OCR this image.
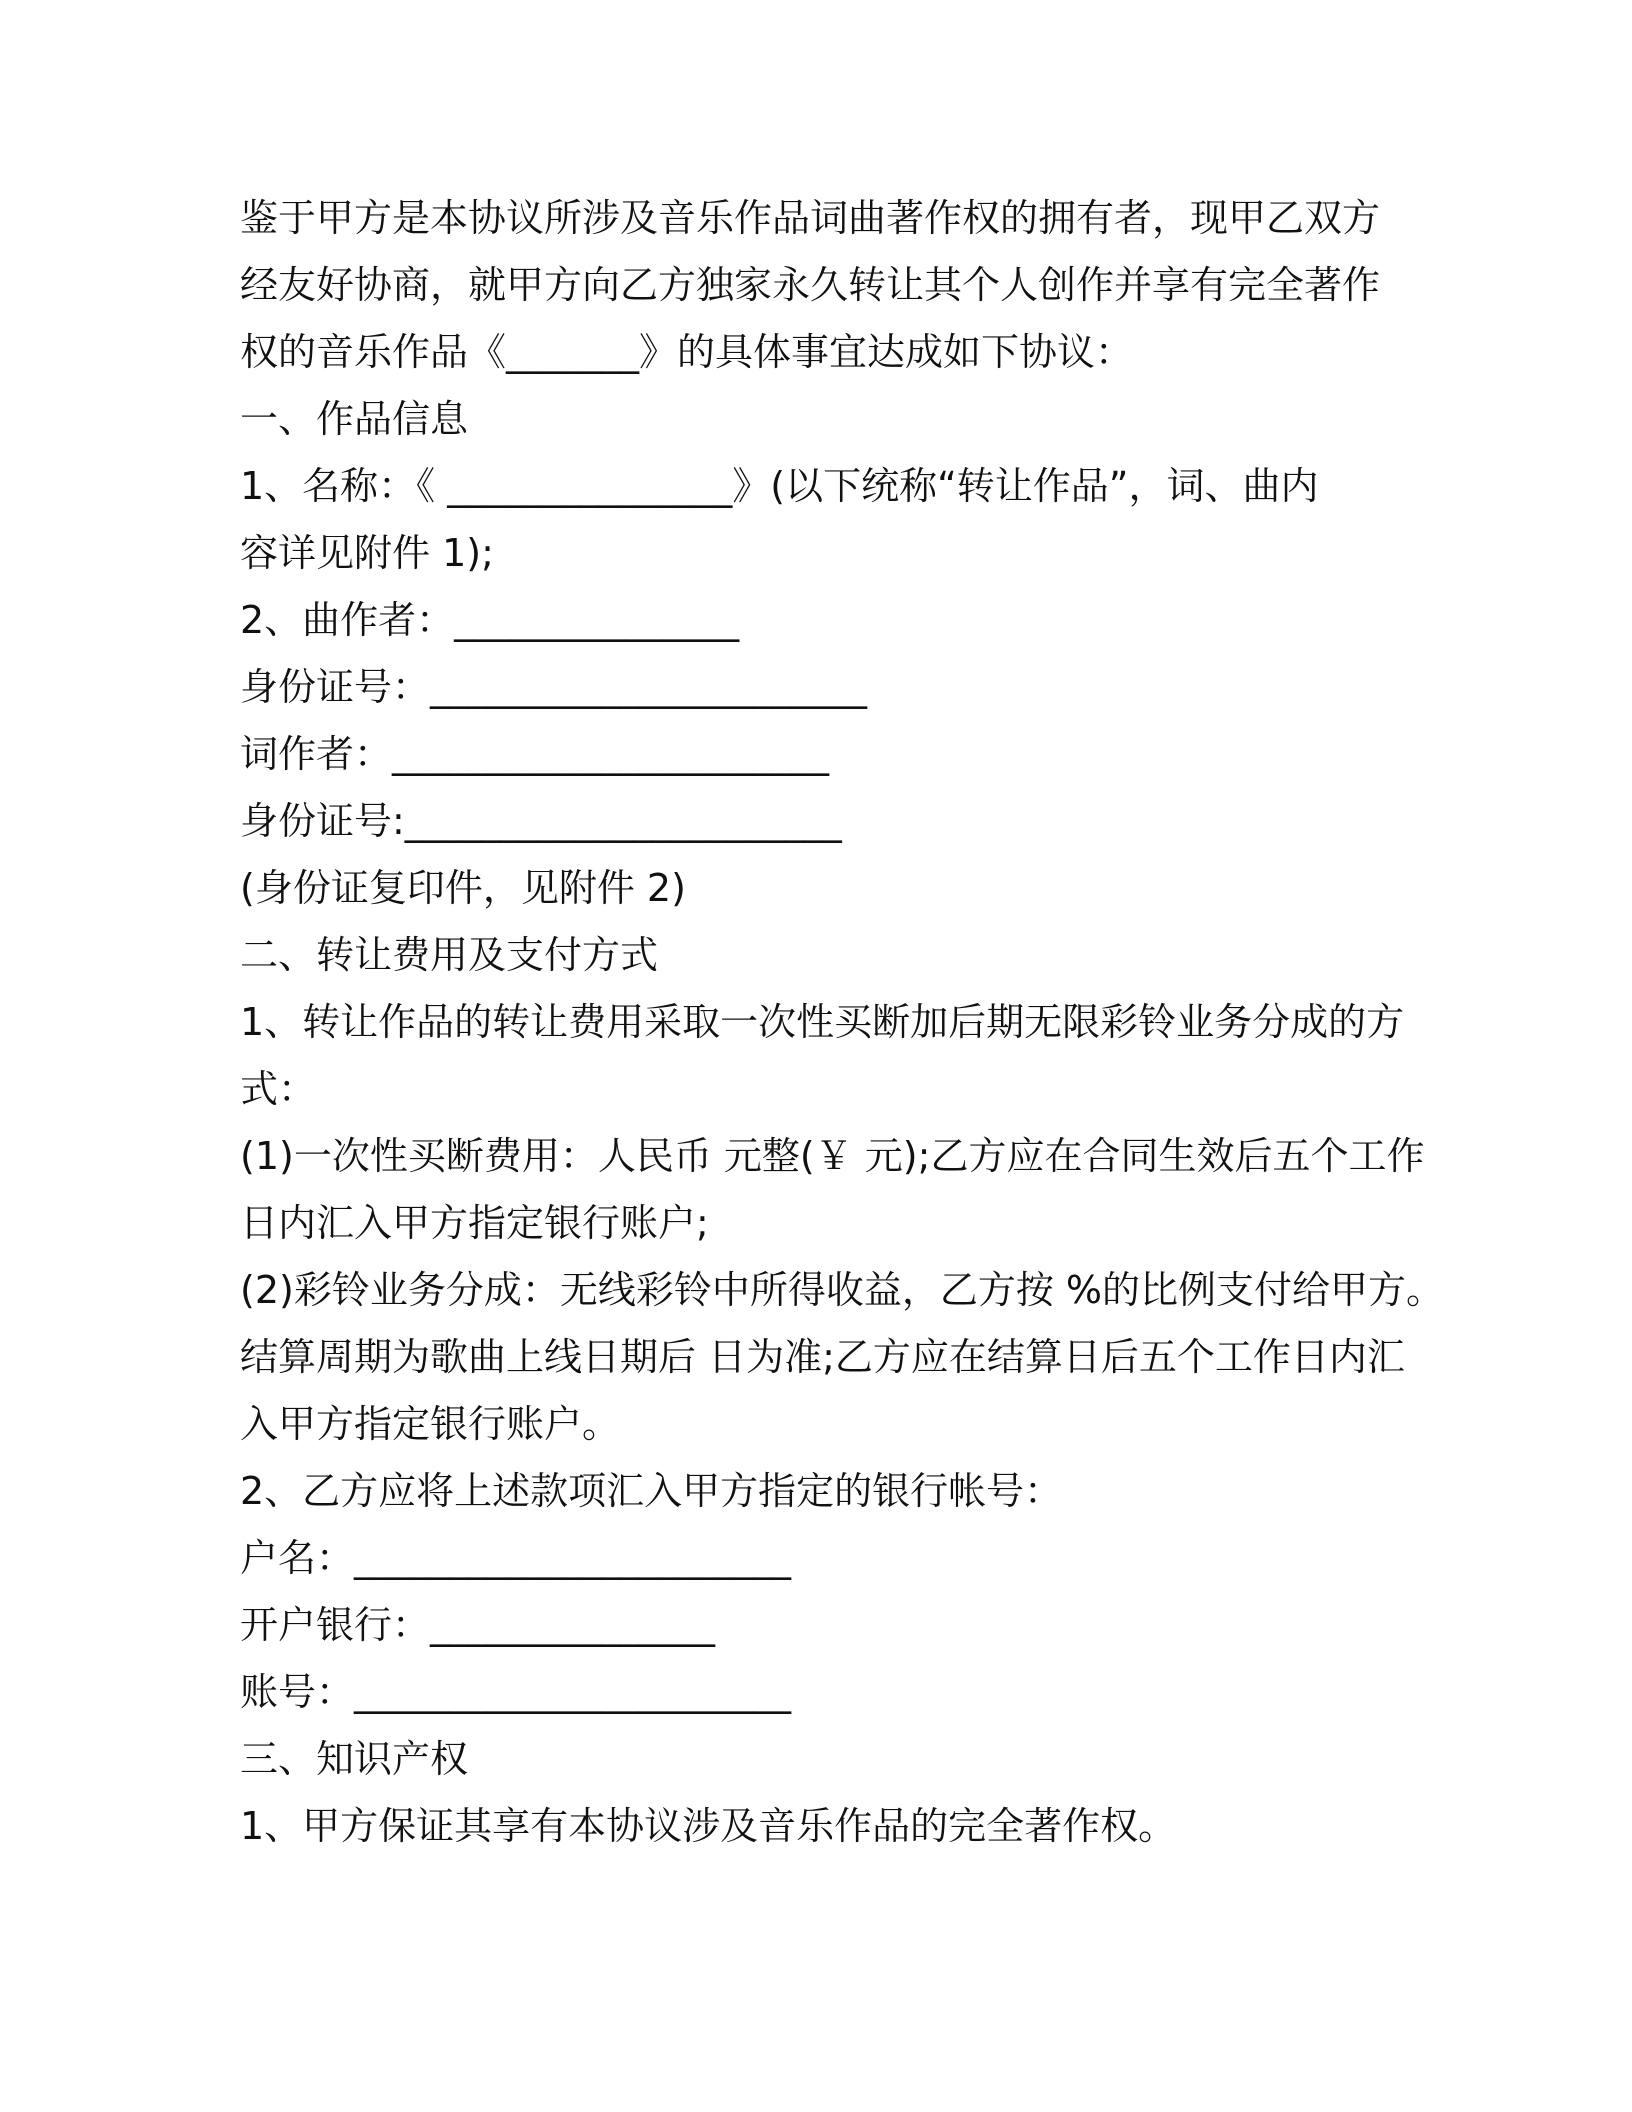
鉴于甲方是本协议所涉及音乐作品词曲著作权的拥有者，现甲乙双方
经友好协商，就甲方向乙方独家永久转让其个人创作并享有完全著作
权的音乐作品《_______》的具体事宜达成如下协议：
一、作品信息
1、名称：《 _______________》(以下统称“转让作品”，词、曲内
容详见附件 1);
2、曲作者：_______________
身份证号：_______________________
词作者：_______________________
身份证号:_______________________
(身份证复印件，见附件 2)
二、转让费用及支付方式
1、转让作品的转让费用采取一次性买断加后期无限彩铃业务分成的方
式：
(1)一次性买断费用：人民币 元整(￥ 元);乙方应在合同生效后五个工作
日内汇入甲方指定银行账户;
(2)彩铃业务分成：无线彩铃中所得收益，乙方按 %的比例支付给甲方。
结算周期为歌曲上线日期后 日为准;乙方应在结算日后五个工作日内汇
入甲方指定银行账户。
2、乙方应将上述款项汇入甲方指定的银行帐号：
户名：_______________________
开户银行：_______________
账号：_______________________
三、知识产权
1、甲方保证其享有本协议涉及音乐作品的完全著作权。
